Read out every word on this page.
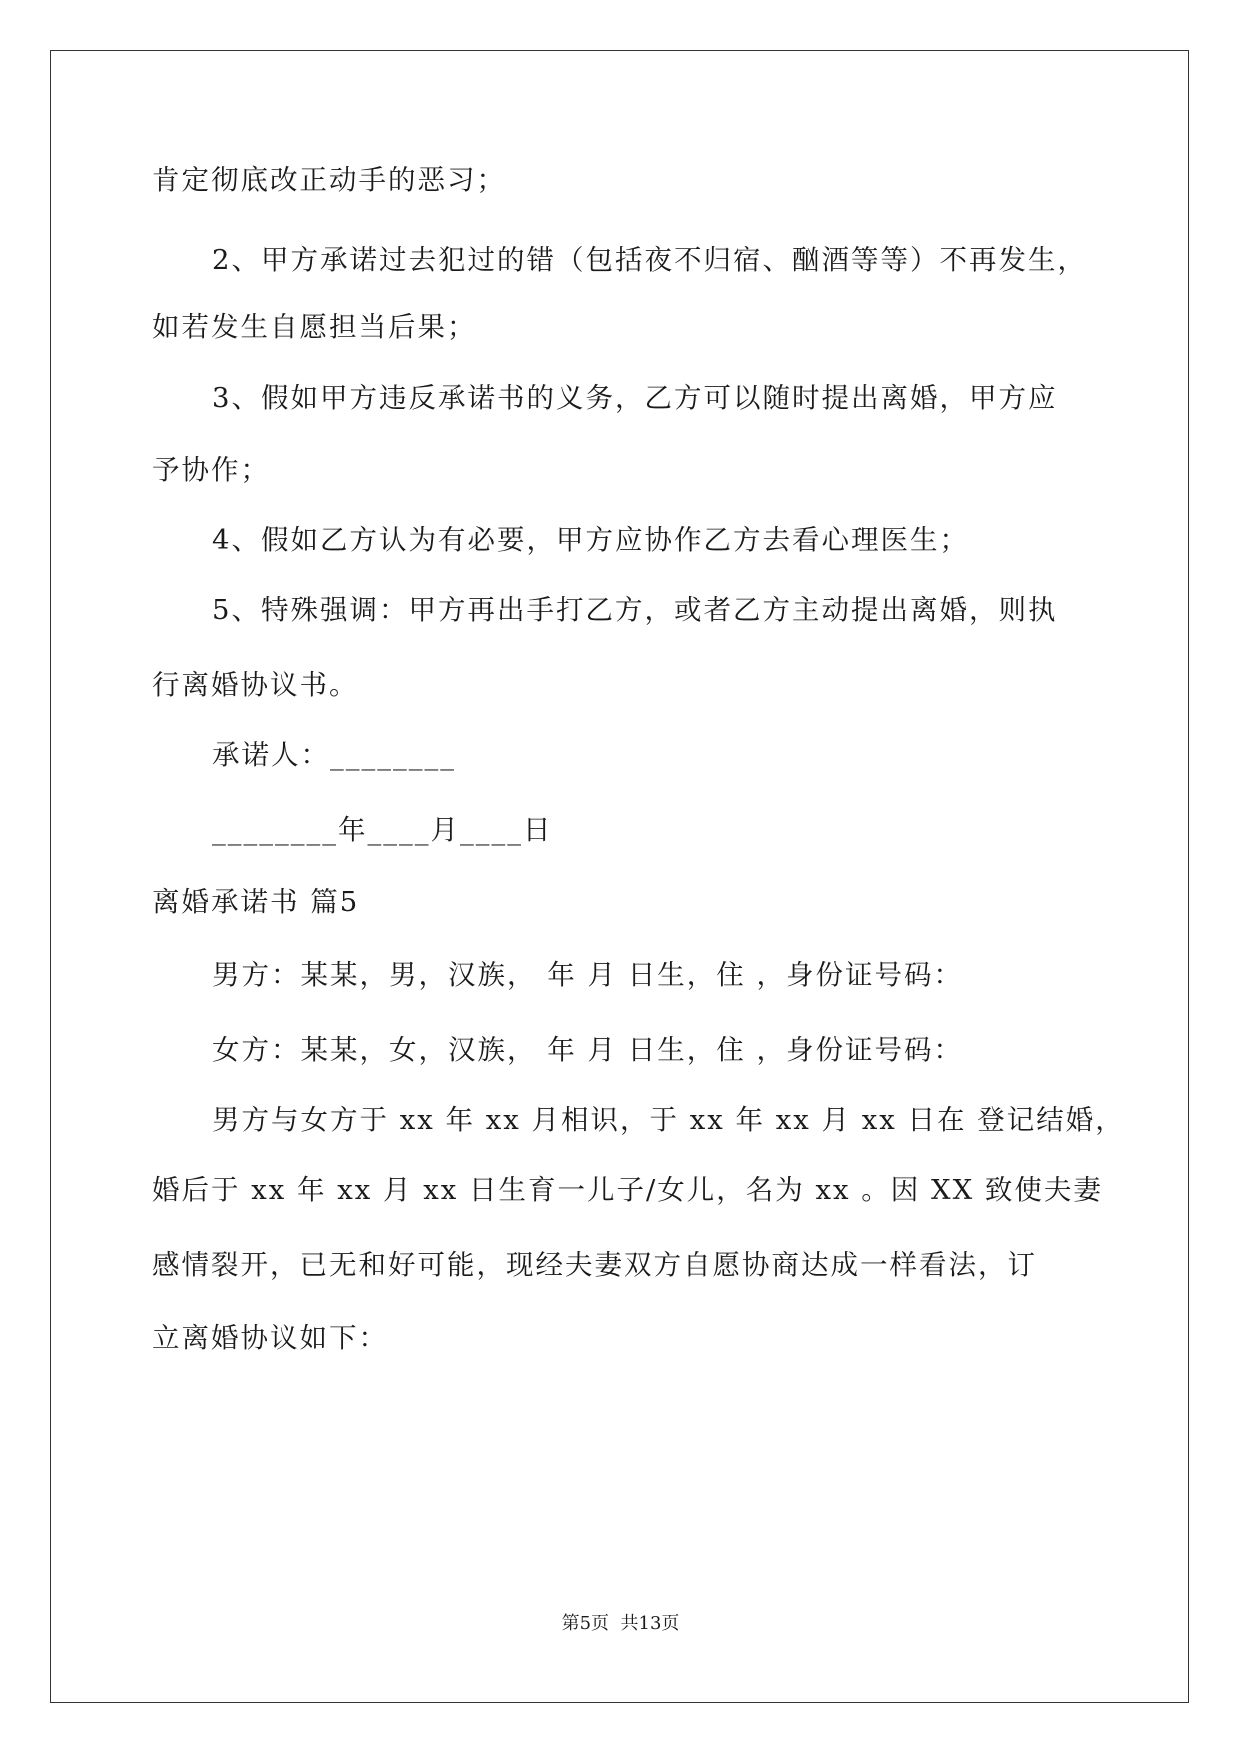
肯定彻底改正动手的恶习；
2、甲方承诺过去犯过的错（包括夜不归宿、酗酒等等）不再发生，
如若发生自愿担当后果；
3、假如甲方违反承诺书的义务，乙方可以随时提出离婚，甲方应
予协作；
4、假如乙方认为有必要，甲方应协作乙方去看心理医生；
5、特殊强调：甲方再出手打乙方，或者乙方主动提出离婚，则执
行离婚协议书。
承诺人：________
________年____月____日
离婚承诺书 篇5
男方：某某，男，汉族， 年 月 日生，住 ，身份证号码：
女方：某某，女，汉族， 年 月 日生，住 ，身份证号码：
男方与女方于 xx 年 xx 月相识，于 xx 年 xx 月 xx 日在 登记结婚，
婚后于 xx 年 xx 月 xx 日生育一儿子/女儿，名为 xx 。因 XX 致使夫妻
感情裂开，已无和好可能，现经夫妻双方自愿协商达成一样看法，订
立离婚协议如下：
第5页  共13页
